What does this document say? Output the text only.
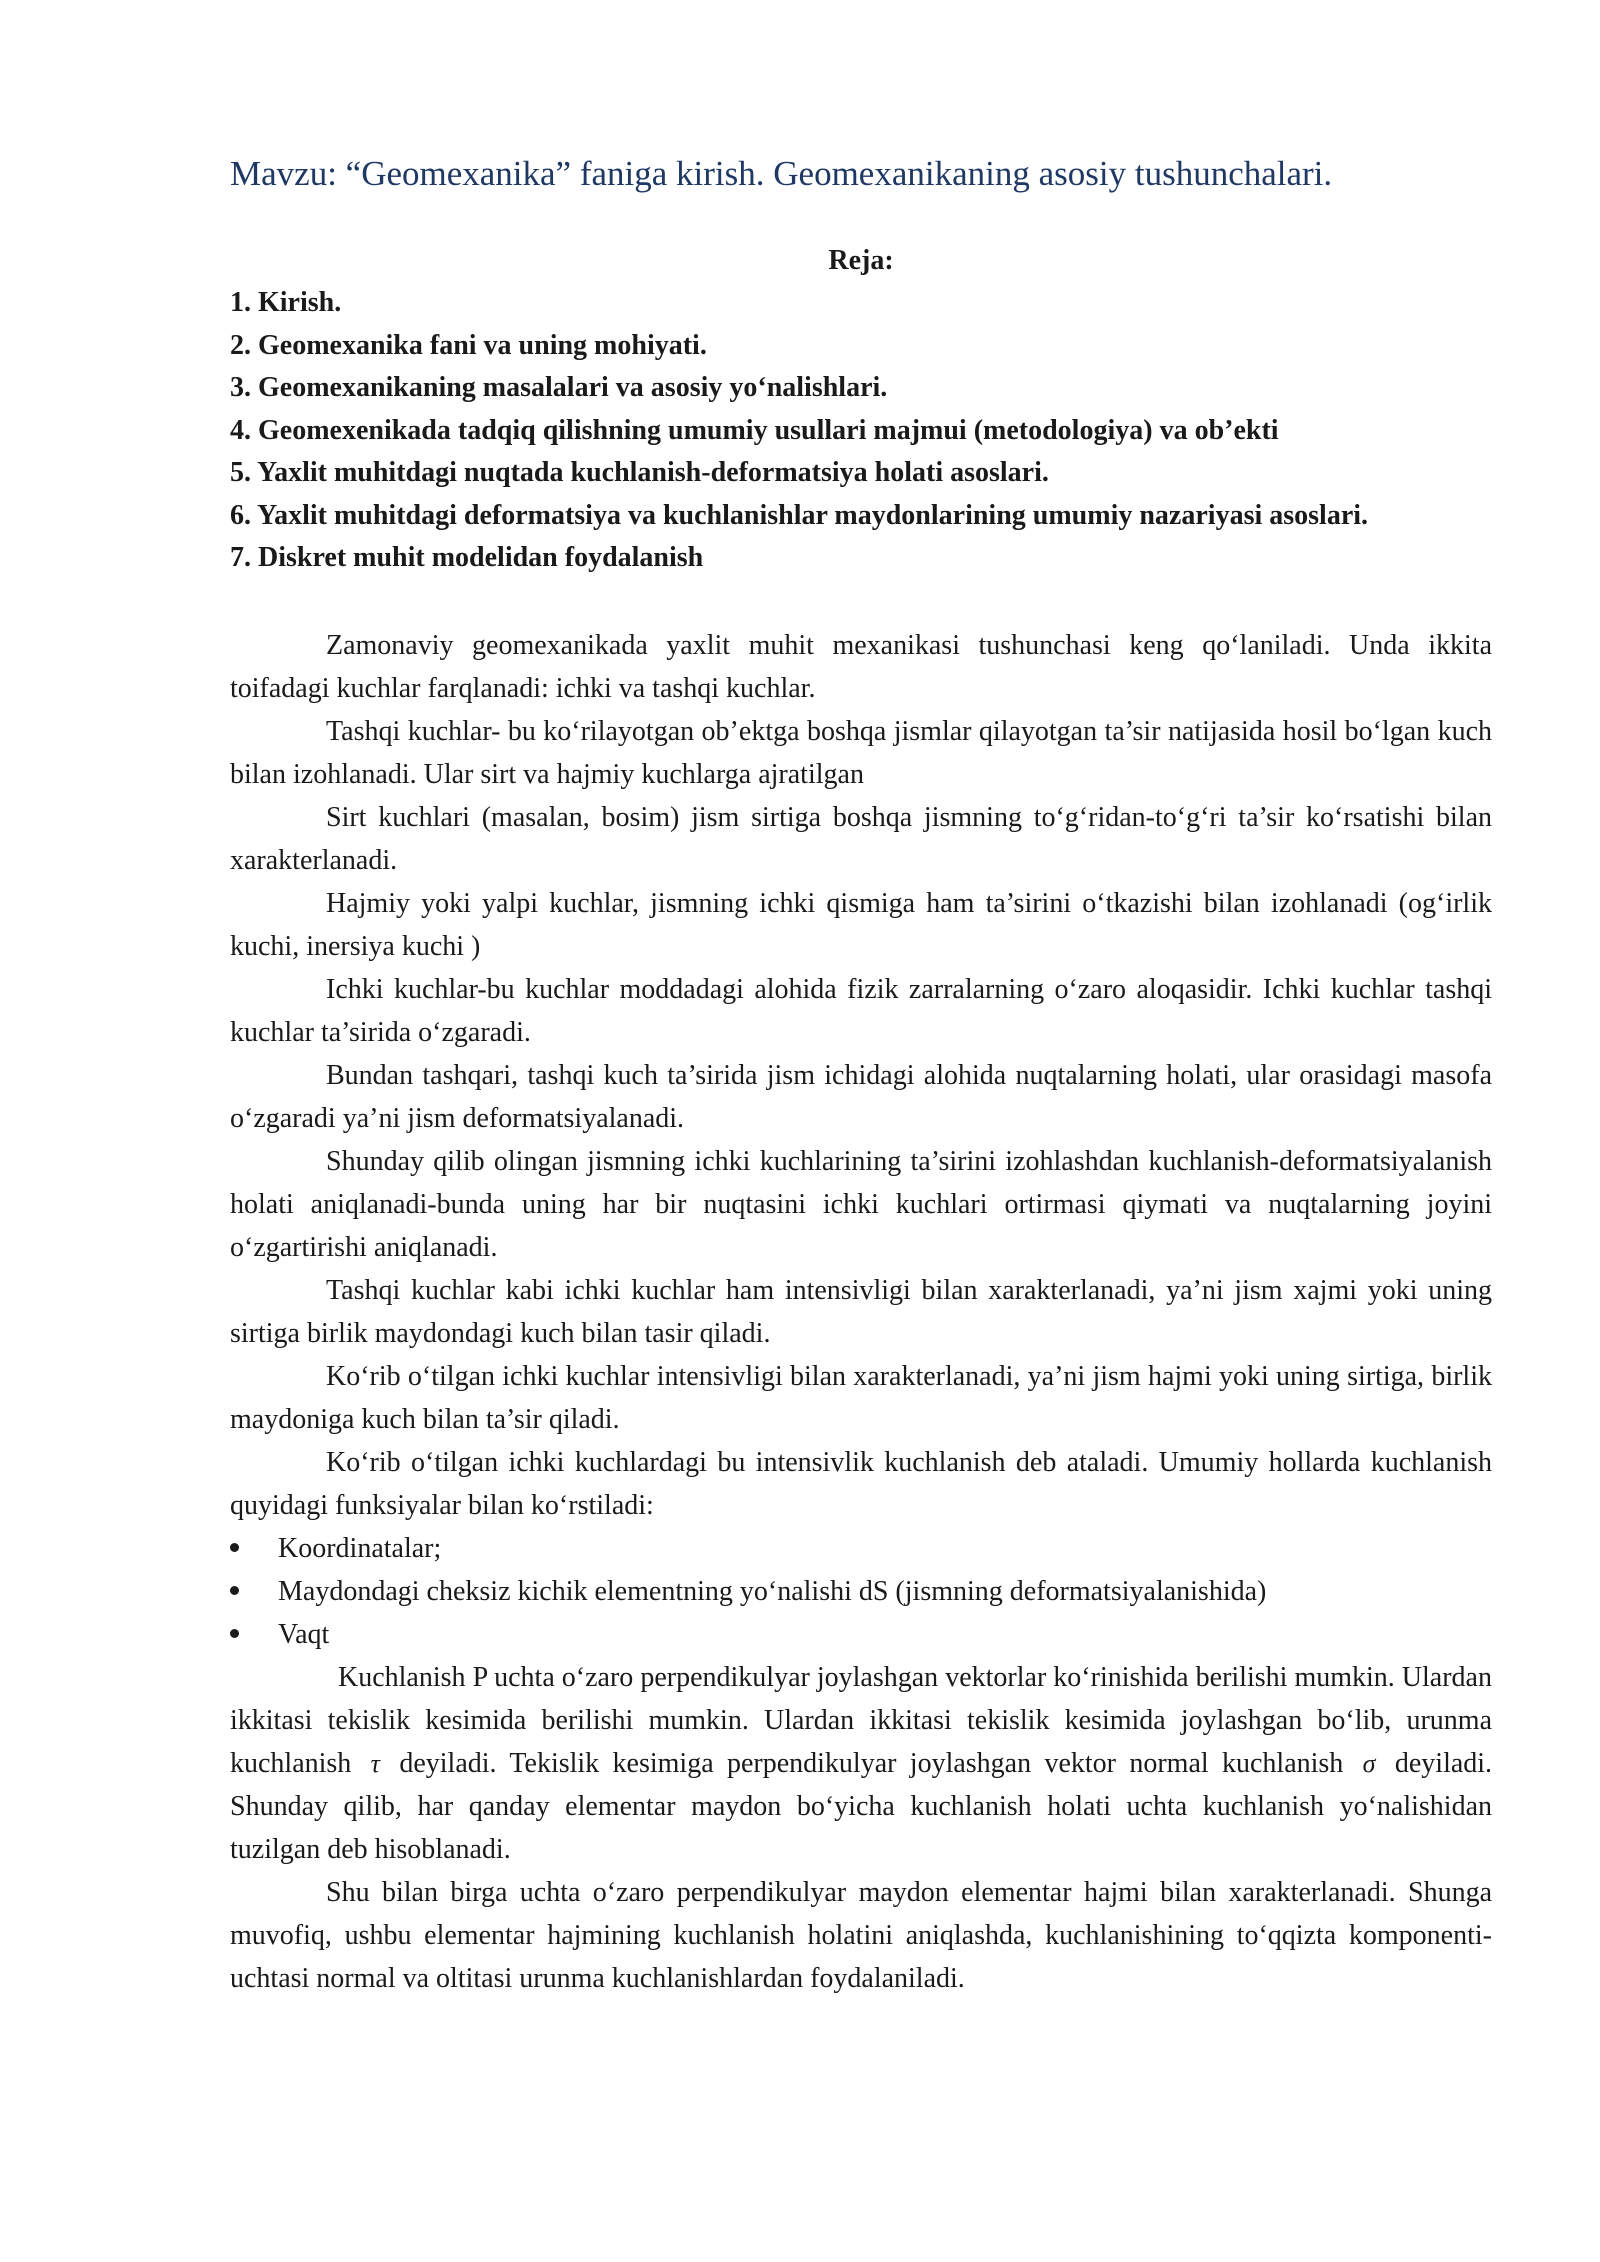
Mavzu: “Geomexanika” faniga kirish. Geomexanikaning asosiy tushunchalari.
Reja:
1. Kirish.
2. Geomexanika fani va uning mohiyati.
3. Geomexanikaning masalalari va asosiy yo‘nalishlari.
4. Geomexenikada tadqiq qilishning umumiy usullari majmui (metodologiya) va ob’ekti
5. Yaxlit muhitdagi nuqtada kuchlanish-deformatsiya holati asoslari.
6. Yaxlit muhitdagi deformatsiya va kuchlanishlar maydonlarining umumiy nazariyasi asoslari.
7. Diskret muhit modelidan foydalanish

Zamonaviy geomexanikada yaxlit muhit mexanikasi tushunchasi keng qo‘laniladi. Unda ikkita toifadagi kuchlar farqlanadi: ichki va tashqi kuchlar.

Tashqi kuchlar- bu ko‘rilayotgan ob’ektga boshqa jismlar qilayotgan ta’sir natijasida hosil bo‘lgan kuch bilan izohlanadi. Ular sirt va hajmiy kuchlarga ajratilgan

Sirt kuchlari (masalan, bosim) jism sirtiga boshqa jismning to‘g‘ridan-to‘g‘ri ta’sir ko‘rsatishi bilan xarakterlanadi.

Hajmiy yoki yalpi kuchlar, jismning ichki qismiga ham ta’sirini o‘tkazishi bilan izohlanadi (og‘irlik kuchi, inersiya kuchi )

Ichki kuchlar-bu kuchlar moddadagi alohida fizik zarralarning o‘zaro aloqasidir. Ichki kuchlar tashqi kuchlar ta’sirida o‘zgaradi.

Bundan tashqari, tashqi kuch ta’sirida jism ichidagi alohida nuqtalarning holati, ular orasidagi masofa o‘zgaradi ya’ni jism deformatsiyalanadi.

Shunday qilib olingan jismning ichki kuchlarining ta’sirini izohlashdan kuchlanish-deformatsiyalanish holati aniqlanadi-bunda uning har bir nuqtasini ichki kuchlari ortirmasi qiymati va nuqtalarning joyini o‘zgartirishi aniqlanadi.

Tashqi kuchlar kabi ichki kuchlar ham intensivligi bilan xarakterlanadi, ya’ni jism xajmi yoki uning sirtiga birlik maydondagi kuch bilan tasir qiladi.

Ko‘rib o‘tilgan ichki kuchlar intensivligi bilan xarakterlanadi, ya’ni jism hajmi yoki uning sirtiga, birlik maydoniga kuch bilan ta’sir qiladi.

Ko‘rib o‘tilgan ichki kuchlardagi bu intensivlik kuchlanish deb ataladi. Umumiy hollarda kuchlanish quyidagi funksiyalar bilan ko‘rstiladi:

Koordinatalar;
Maydondagi cheksiz kichik elementning yo‘nalishi dS (jismning deformatsiyalanishida)
Vaqt

Kuchlanish P uchta o‘zaro perpendikulyar joylashgan vektorlar ko‘rinishida berilishi mumkin. Ulardan ikkitasi tekislik kesimida berilishi mumkin. Ulardan ikkitasi tekislik kesimida joylashgan bo‘lib, urunma kuchlanish τ deyiladi. Tekislik kesimiga perpendikulyar joylashgan vektor normal kuchlanish σ deyiladi. Shunday qilib, har qanday elementar maydon bo‘yicha kuchlanish holati uchta kuchlanish yo‘nalishidan tuzilgan deb hisoblanadi.

Shu bilan birga uchta o‘zaro perpendikulyar maydon elementar hajmi bilan xarakterlanadi. Shunga muvofiq, ushbu elementar hajmining kuchlanish holatini aniqlashda, kuchlanishining to‘qqizta komponenti-uchtasi normal va oltitasi urunma kuchlanishlardan foydalaniladi.
